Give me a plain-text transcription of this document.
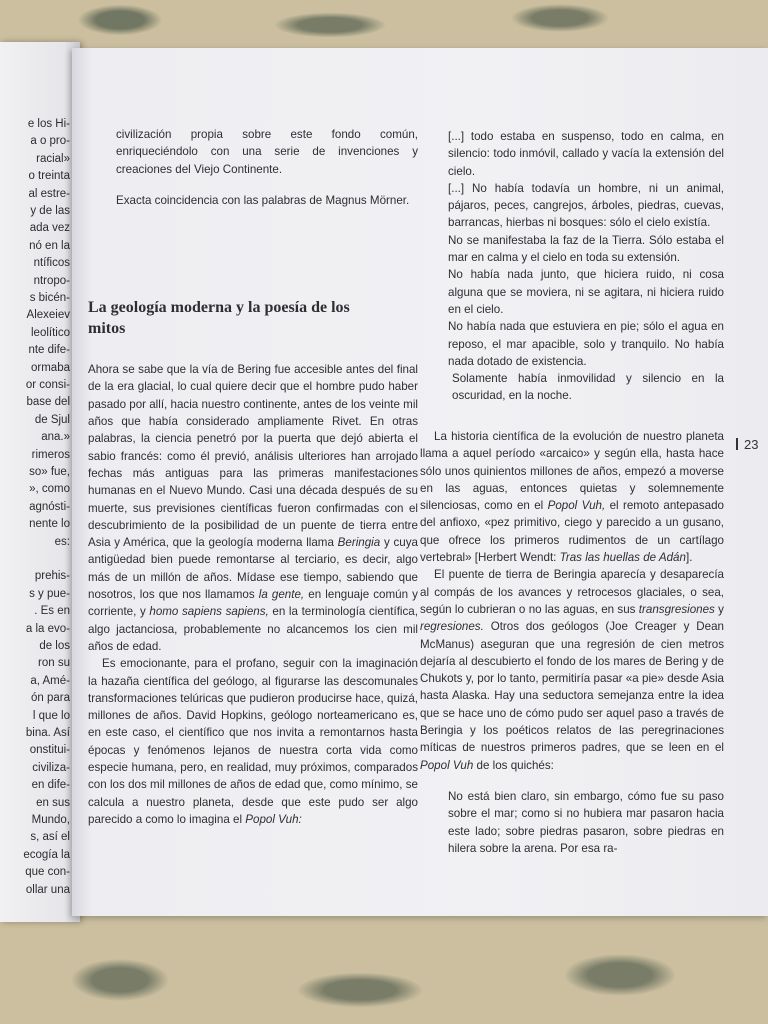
e los Hi-
a o pro-
racial»
o treinta
al estre-
y de las
ada vez
nó en la
ntíficos
ntropo-
s bicén-
Alexeiev
leolítico
nte dife-
ormaba
or consi-
base del
de Sjul
ana.»
rimeros
so» fue,
», como
agnósti-
nente lo
es:
prehis-
s y pue-
. Es en
a la evo-
de los
ron su
a, Amé-
ón para
l que lo
bina. Así
onstitui-
civiliza-
en dife-
en sus
Mundo,
s, así el
ecogía la
que con-
ollar una

civilización propia sobre este fondo común, enriqueciéndolo con una serie de invenciones y creaciones del Viejo Continente.

Exacta coincidencia con las palabras de Magnus Mörner.

La geología moderna y la poesía de los mitos

Ahora se sabe que la vía de Bering fue accesible antes del final de la era glacial, lo cual quiere decir que el hombre pudo haber pasado por allí, hacia nuestro continente, antes de los veinte mil años que había considerado ampliamente Rivet. En otras palabras, la ciencia penetró por la puerta que dejó abierta el sabio francés: como él previó, análisis ulteriores han arrojado fechas más antiguas para las primeras manifestaciones humanas en el Nuevo Mundo. Casi una década después de su muerte, sus previsiones científicas fueron confirmadas con el descubrimiento de la posibilidad de un puente de tierra entre Asia y América, que la geología moderna llama Beringia y cuya antigüedad bien puede remontarse al terciario, es decir, algo más de un millón de años. Mídase ese tiempo, sabiendo que nosotros, los que nos llamamos la gente, en lenguaje común y corriente, y homo sapiens sapiens, en la terminología científica, algo jactanciosa, probablemente no alcancemos los cien mil años de edad.

Es emocionante, para el profano, seguir con la imaginación la hazaña científica del geólogo, al figurarse las descomunales transformaciones telúricas que pudieron producirse hace, quizá, millones de años. David Hopkins, geólogo norteamericano es, en este caso, el científico que nos invita a remontarnos hasta épocas y fenómenos lejanos de nuestra corta vida como especie humana, pero, en realidad, muy próximos, comparados con los dos mil millones de años de edad que, como mínimo, se calcula a nuestro planeta, desde que este pudo ser algo parecido a como lo imagina el Popol Vuh:

[...] todo estaba en suspenso, todo en calma, en silencio: todo inmóvil, callado y vacía la extensión del cielo.

[...] No había todavía un hombre, ni un animal, pájaros, peces, cangrejos, árboles, piedras, cuevas, barrancas, hierbas ni bosques: sólo el cielo existía.

No se manifestaba la faz de la Tierra. Sólo estaba el mar en calma y el cielo en toda su extensión.

No había nada junto, que hiciera ruido, ni cosa alguna que se moviera, ni se agitara, ni hiciera ruido en el cielo.

No había nada que estuviera en pie; sólo el agua en reposo, el mar apacible, solo y tranquilo. No había nada dotado de existencia.

Solamente había inmovilidad y silencio en la oscuridad, en la noche.

La historia científica de la evolución de nuestro planeta llama a aquel período «arcaico» y según ella, hasta hace sólo unos quinientos millones de años, empezó a moverse en las aguas, entonces quietas y solemnemente silenciosas, como en el Popol Vuh, el remoto antepasado del anfioxo, «pez primitivo, ciego y parecido a un gusano, que ofrece los primeros rudimentos de un cartílago vertebral» [Herbert Wendt: Tras las huellas de Adán].

El puente de tierra de Beringia aparecía y desaparecía al compás de los avances y retrocesos glaciales, o sea, según lo cubrieran o no las aguas, en sus transgresiones y regresiones. Otros dos geólogos (Joe Creager y Dean McManus) aseguran que una regresión de cien metros dejaría al descubierto el fondo de los mares de Bering y de Chukots y, por lo tanto, permitiría pasar «a pie» desde Asia hasta Alaska. Hay una seductora semejanza entre la idea que se hace uno de cómo pudo ser aquel paso a través de Beringia y los poéticos relatos de las peregrinaciones míticas de nuestros primeros padres, que se leen en el Popol Vuh de los quichés:

No está bien claro, sin embargo, cómo fue su paso sobre el mar; como si no hubiera mar pasaron hacia este lado; sobre piedras pasaron, sobre piedras en hilera sobre la arena. Por esa ra-

23
